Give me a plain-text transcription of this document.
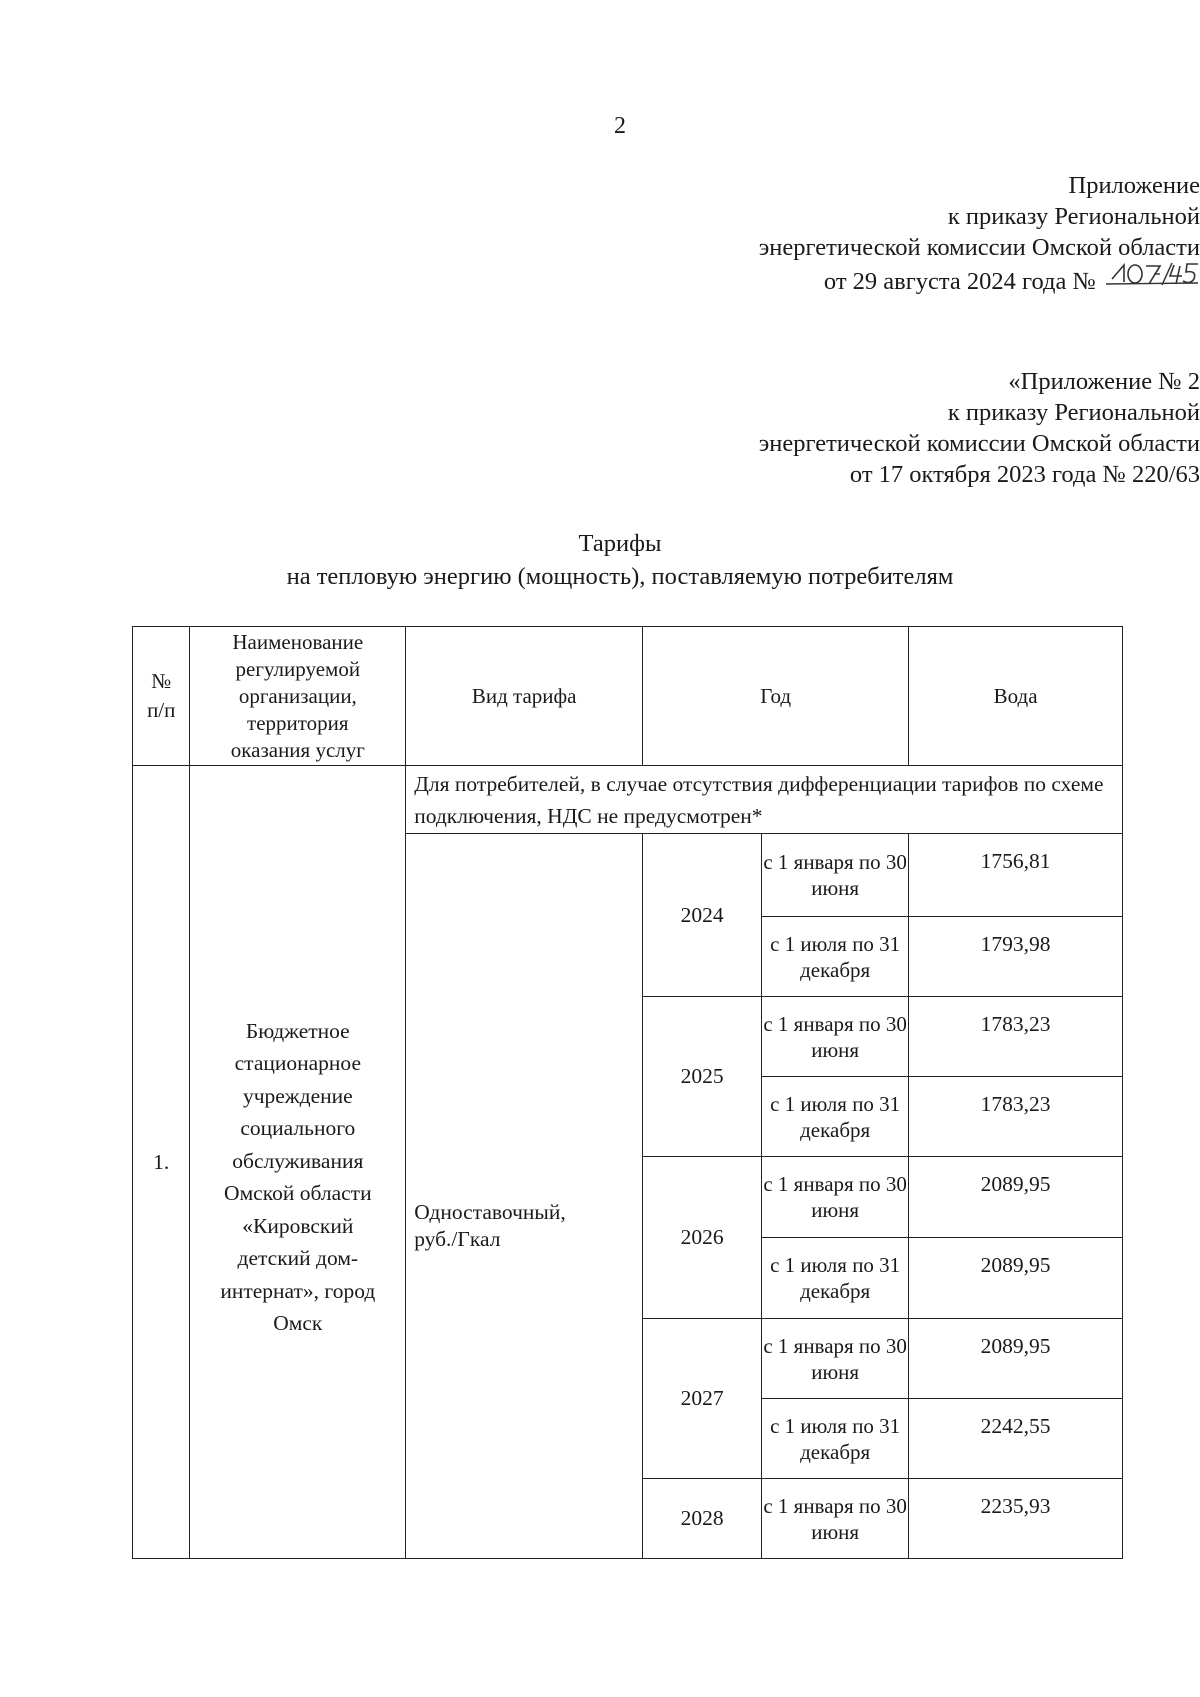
2
Приложение
к приказу Региональной
энергетической комиссии Омской области
от 29 августа 2024 года №
«Приложение № 2
к приказу Региональной
энергетической комиссии Омской области
от 17 октября 2023 года № 220/63
Тарифы
на тепловую энергию (мощность), поставляемую потребителям
№ п/п	Наименование регулируемой организации, территория оказания услуг	Вид тарифа	Год		Вода
1.	Бюджетное стационарное учреждение социального обслуживания Омской области «Кировский детский дом-интернат», город Омск	Для потребителей, в случае отсутствия дифференциации тарифов по схеме подключения, НДС не предусмотрен*			

		Одноставочный, руб./Гкал	2024	с 1 января по 30 июня	1756,81
				с 1 июля по 31 декабря	1793,98
			2025	с 1 января по 30 июня	1783,23
				с 1 июля по 31 декабря	1783,23
			2026	с 1 января по 30 июня	2089,95
				с 1 июля по 31 декабря	2089,95
			2027	с 1 января по 30 июня	2089,95
				с 1 июля по 31 декабря	2242,55
			2028	с 1 января по 30 июня	2235,93
